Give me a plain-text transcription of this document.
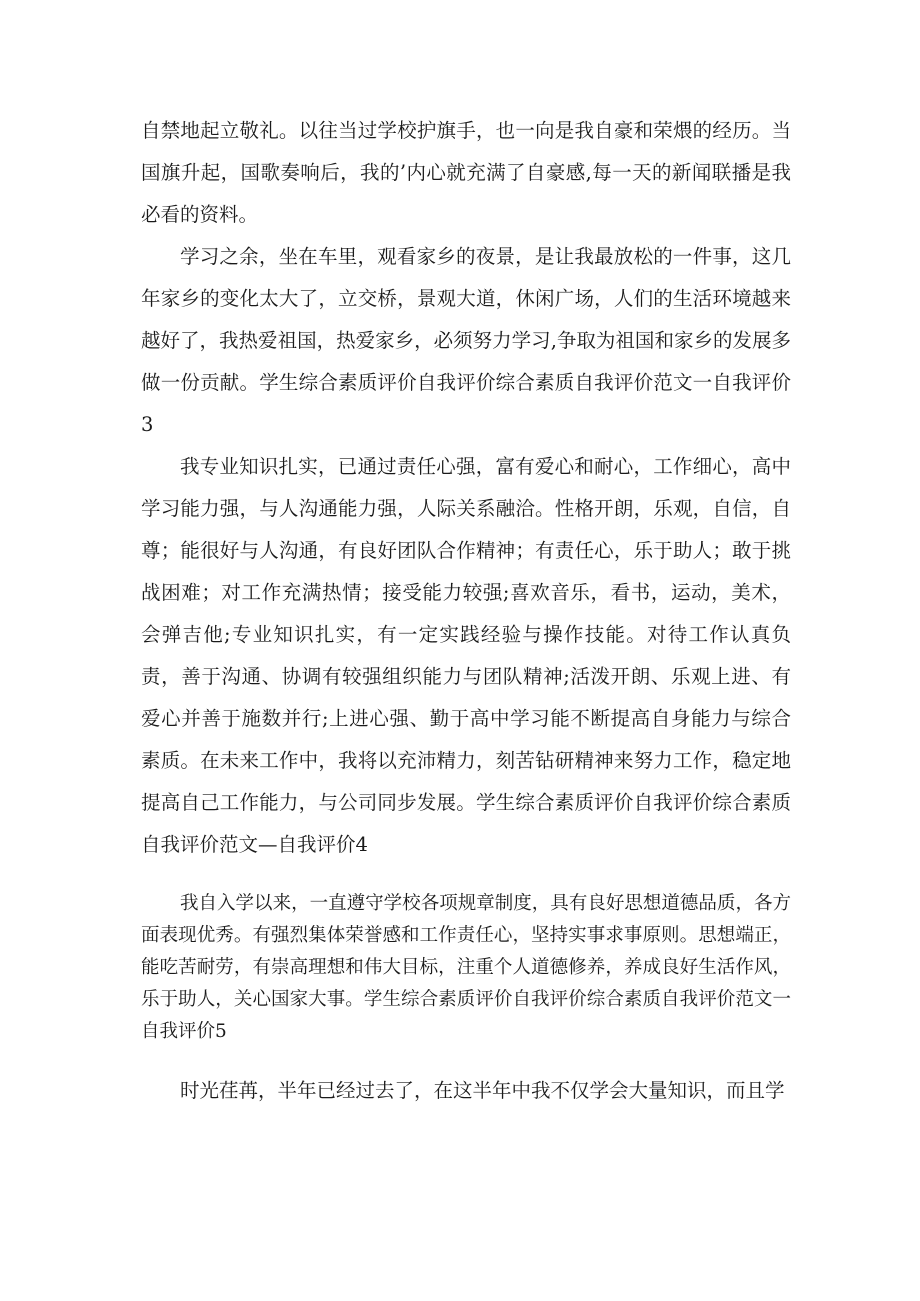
自禁地起立敬礼。以往当过学校护旗手，也一向是我自豪和荣煨的经历。当国旗升起，国歌奏响后，我的’内心就充满了自豪感,每一天的新闻联播是我必看的资料。

学习之余，坐在车里，观看家乡的夜景，是让我最放松的一件事，这几年家乡的变化太大了，立交桥，景观大道，休闲广场，人们的生活环境越来越好了，我热爱祖国，热爱家乡，必须努力学习,争取为祖国和家乡的发展多做一份贡献。学生综合素质评价自我评价综合素质自我评价范文一自我评价3

我专业知识扎实，已通过责任心强，富有爱心和耐心，工作细心，高中学习能力强，与人沟通能力强，人际关系融洽。性格开朗，乐观，自信，自尊；能很好与人沟通，有良好团队合作精神；有责任心，乐于助人；敢于挑战困难；对工作充满热情；接受能力较强;喜欢音乐，看书，运动，美术，会弹吉他;专业知识扎实，有一定实践经验与操作技能。对待工作认真负责，善于沟通、协调有较强组织能力与团队精神;活泼开朗、乐观上进、有爱心并善于施数并行;上进心强、勤于高中学习能不断提高自身能力与综合素质。在未来工作中，我将以充沛精力，刻苦钻研精神来努力工作，稳定地提高自己工作能力，与公司同步发展。学生综合素质评价自我评价综合素质自我评价范文—自我评价4

我自入学以来，一直遵守学校各项规章制度，具有良好思想道德品质，各方面表现优秀。有强烈集体荣誉感和工作责任心，坚持实事求事原则。思想端正，能吃苦耐劳，有崇高理想和伟大目标，注重个人道德修养，养成良好生活作风，乐于助人，关心国家大事。学生综合素质评价自我评价综合素质自我评价范文一自我评价5

时光荏苒，半年已经过去了，在这半年中我不仅学会大量知识，而且学
